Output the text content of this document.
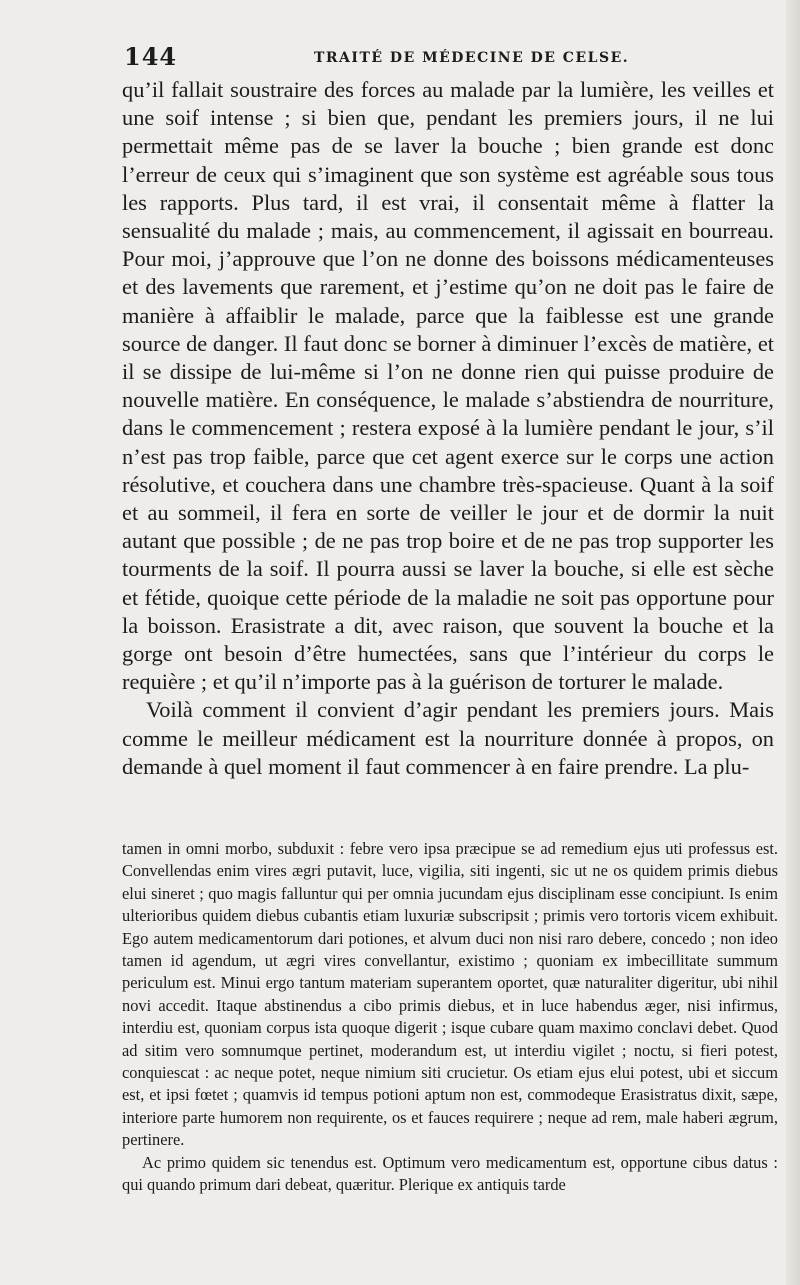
144	TRAITÉ DE MÉDECINE DE CELSE.

qu’il fallait soustraire des forces au malade par la lumière, les veilles et une soif intense ; si bien que, pendant les premiers jours, il ne lui permettait même pas de se laver la bouche ; bien grande est donc l’erreur de ceux qui s’imaginent que son système est agréable sous tous les rapports. Plus tard, il est vrai, il consentait même à flatter la sensualité du malade ; mais, au commencement, il agissait en bourreau. Pour moi, j’approuve que l’on ne donne des boissons médicamenteuses et des lavements que rarement, et j’estime qu’on ne doit pas le faire de manière à affaiblir le malade, parce que la faiblesse est une grande source de danger. Il faut donc se borner à diminuer l’excès de matière, et il se dissipe de lui-même si l’on ne donne rien qui puisse produire de nouvelle matière. En conséquence, le malade s’abstiendra de nourriture, dans le commencement ; restera exposé à la lumière pendant le jour, s’il n’est pas trop faible, parce que cet agent exerce sur le corps une action résolutive, et couchera dans une chambre très-spacieuse. Quant à la soif et au sommeil, il fera en sorte de veiller le jour et de dormir la nuit autant que possible ; de ne pas trop boire et de ne pas trop supporter les tourments de la soif. Il pourra aussi se laver la bouche, si elle est sèche et fétide, quoique cette période de la maladie ne soit pas opportune pour la boisson. Erasistrate a dit, avec raison, que souvent la bouche et la gorge ont besoin d’être humectées, sans que l’intérieur du corps le requière ; et qu’il n’importe pas à la guérison de torturer le malade.

Voilà comment il convient d’agir pendant les premiers jours. Mais comme le meilleur médicament est la nourriture donnée à propos, on demande à quel moment il faut commencer à en faire prendre. La plu-

tamen in omni morbo, subduxit : febre vero ipsa præcipue se ad remedium ejus uti professus est. Convellendas enim vires ægri putavit, luce, vigilia, siti ingenti, sic ut ne os quidem primis diebus elui sineret ; quo magis falluntur qui per omnia jucundam ejus disciplinam esse concipiunt. Is enim ulterioribus quidem diebus cubantis etiam luxuriæ subscripsit ; primis vero tortoris vicem exhibuit. Ego autem medicamentorum dari potiones, et alvum duci non nisi raro debere, concedo ; non ideo tamen id agendum, ut ægri vires convellantur, existimo ; quoniam ex imbecillitate summum periculum est. Minui ergo tantum materiam superantem oportet, quæ naturaliter digeritur, ubi nihil novi accedit. Itaque abstinendus a cibo primis diebus, et in luce habendus æger, nisi infirmus, interdiu est, quoniam corpus ista quoque digerit ; isque cubare quam maximo conclavi debet. Quod ad sitim vero somnumque pertinet, moderandum est, ut interdiu vigilet ; noctu, si fieri potest, conquiescat : ac neque potet, neque nimium siti crucietur. Os etiam ejus elui potest, ubi et siccum est, et ipsi fœtet ; quamvis id tempus potioni aptum non est, commodeque Erasistratus dixit, sæpe, interiore parte humorem non requirente, os et fauces requirere ; neque ad rem, male haberi ægrum, pertinere.

Ac primo quidem sic tenendus est. Optimum vero medicamentum est, opportune cibus datus : qui quando primum dari debeat, quæritur. Plerique ex antiquis tarde
